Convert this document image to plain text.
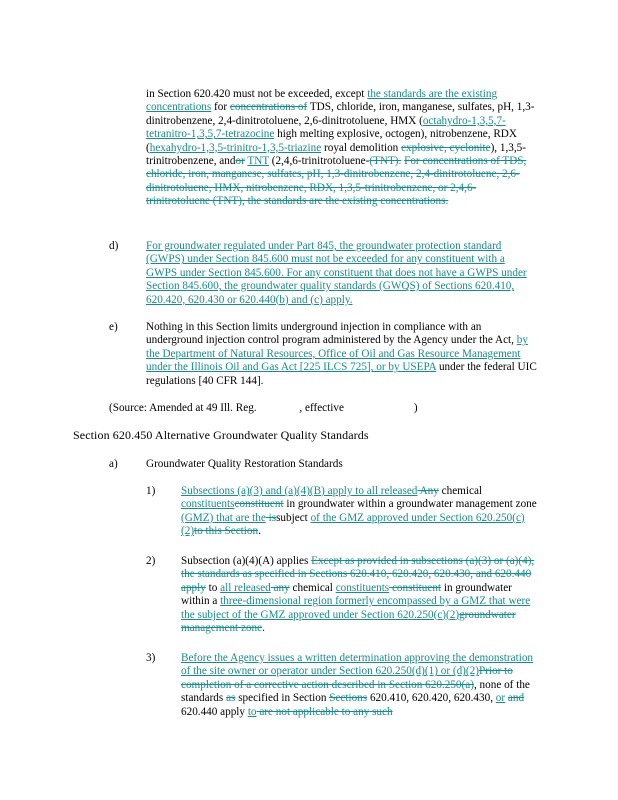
in Section 620.420 must not be exceeded, except the standards are the existing concentrations for concentrations of TDS, chloride, iron, manganese, sulfates, pH, 1,3-dinitrobenzene, 2,4-dinitrotoluene, 2,6-dinitrotoluene, HMX (octahydro-1,3,5,7-tetranitro-1,3,5,7-tetrazocine high melting explosive, octogen), nitrobenzene, RDX (hexahydro-1,3,5-trinitro-1,3,5-triazine royal demolition explosive, cyclonite), 1,3,5-trinitrobenzene, andor TNT (2,4,6-trinitrotoluene-(TNT). For concentrations of TDS, chloride, iron, manganese, sulfates, pH, 1,3-dinitrobenzene, 2,4-dinitrotoluene, 2,6-dinitrotoluene, HMX, nitrobenzene, RDX, 1,3,5-trinitrobenzene, or 2,4,6-trinitrotoluene (TNT), the standards are the existing concentrations.

d) For groundwater regulated under Part 845, the groundwater protection standard (GWPS) under Section 845.600 must not be exceeded for any constituent with a GWPS under Section 845.600. For any constituent that does not have a GWPS under Section 845.600, the groundwater quality standards (GWQS) of Sections 620.410, 620.420, 620.430 or 620.440(b) and (c) apply.

e)	Nothing in this Section limits underground injection in compliance with an underground injection control program administered by the Agency under the Act, by the Department of Natural Resources, Office of Oil and Gas Resource Management under the Illinois Oil and Gas Act [225 ILCS 725], or by USEPA under the federal UIC regulations [40 CFR 144].

(Source: Amended at 49 Ill. Reg.	, effective	)
Section 620.450 Alternative Groundwater Quality Standards
a)	Groundwater Quality Restoration Standards
1) Subsections (a)(3) and (a)(4)(B) apply to all released Any chemical constituentsconstituent in groundwater within a groundwater management zone (GMZ) that are the issubject of the GMZ approved under Section 620.250(c)(2)to this Section.

2) Subsection (a)(4)(A) applies Except as provided in subsections (a)(3) or (a)(4), the standards as specified in Sections 620.410, 620.420, 620.430, and 620.440 apply to all released any chemical constituents constituent in groundwater within a three-dimensional region formerly encompassed by a GMZ that were the subject of the GMZ approved under Section 620.250(c)(2)groundwater management zone.

3) Before the Agency issues a written determination approving the demonstration of the site owner or operator under Section 620.250(d)(1) or (d)(2)Prior to completion of a corrective action described in Section 620.250(a), none of the standards as specified in Section Sections 620.410, 620.420, 620.430, or and 620.440 apply to are not applicable to any such
